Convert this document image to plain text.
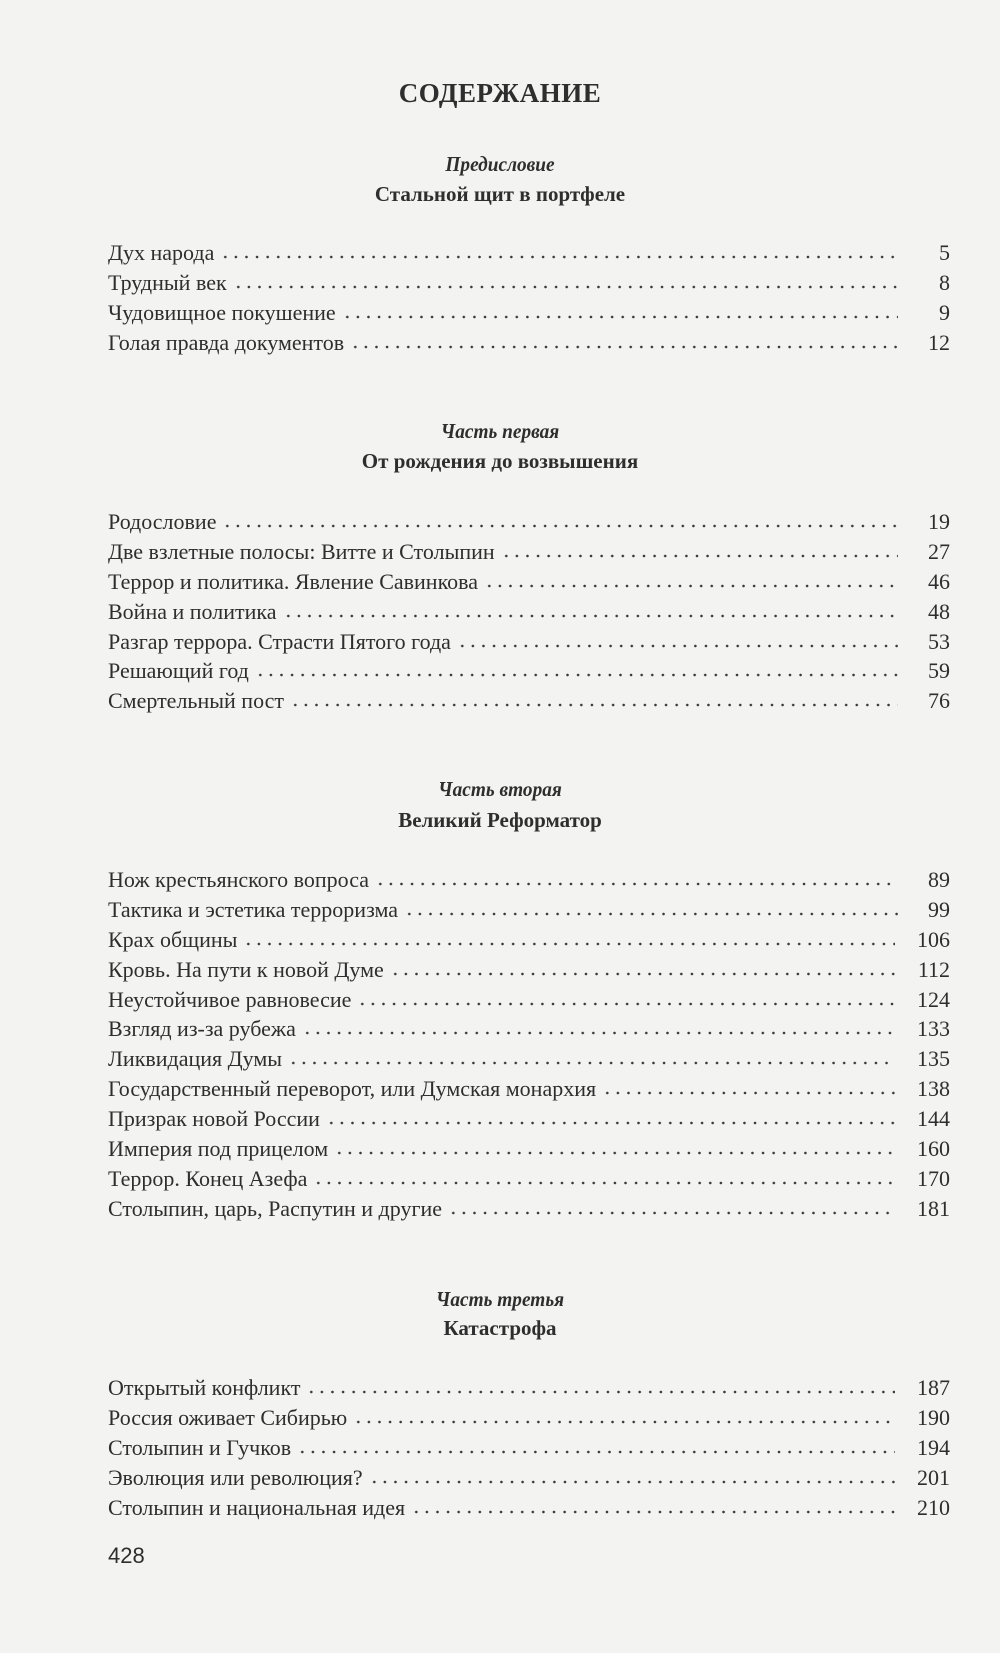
СОДЕРЖАНИЕ
Предисловие
Стальной щит в портфеле
Дух народа	5
Трудный век	8
Чудовищное покушение	9
Голая правда документов	12
Часть первая
От рождения до возвышения
Родословие	19
Две взлетные полосы: Витте и Столыпин	27
Террор и политика. Явление Савинкова	46
Война и политика	48
Разгар террора. Страсти Пятого года	53
Решающий год	59
Смертельный пост	76
Часть вторая
Великий Реформатор
Нож крестьянского вопроса	89
Тактика и эстетика терроризма	99
Крах общины	106
Кровь. На пути к новой Думе	112
Неустойчивое равновесие	124
Взгляд из-за рубежа	133
Ликвидация Думы	135
Государственный переворот, или Думская монархия	138
Призрак новой России	144
Империя под прицелом	160
Террор. Конец Азефа	170
Столыпин, царь, Распутин и другие	181
Часть третья
Катастрофа
Открытый конфликт	187
Россия оживает Сибирью	190
Столыпин и Гучков	194
Эволюция или революция?	201
Столыпин и национальная идея	210
428
